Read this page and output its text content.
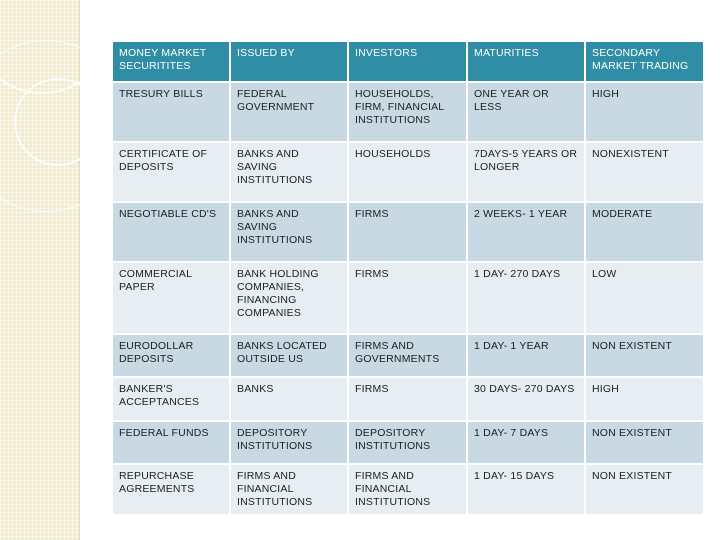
MONEY MARKET SECURITITES	ISSUED BY	INVESTORS	MATURITIES	SECONDARY MARKET TRADING
TRESURY BILLS	FEDERAL GOVERNMENT	HOUSEHOLDS, FIRM, FINANCIAL INSTITUTIONS	ONE YEAR OR LESS	HIGH
CERTIFICATE OF DEPOSITS	BANKS AND SAVING INSTITUTIONS	HOUSEHOLDS	7DAYS-5 YEARS OR LONGER	NONEXISTENT
NEGOTIABLE CD'S	BANKS AND SAVING INSTITUTIONS	FIRMS	2 WEEKS- 1 YEAR	MODERATE
COMMERCIAL PAPER	BANK HOLDING COMPANIES, FINANCING COMPANIES	FIRMS	1 DAY- 270 DAYS	LOW
EURODOLLAR DEPOSITS	BANKS LOCATED OUTSIDE US	FIRMS AND GOVERNMENTS	1 DAY- 1 YEAR	NON EXISTENT
BANKER'S ACCEPTANCES	BANKS	FIRMS	30 DAYS- 270 DAYS	HIGH
FEDERAL FUNDS	DEPOSITORY INSTITUTIONS	DEPOSITORY INSTITUTIONS	1 DAY- 7 DAYS	NON EXISTENT
REPURCHASE AGREEMENTS	FIRMS AND FINANCIAL INSTITUTIONS	FIRMS AND FINANCIAL INSTITUTIONS	1 DAY- 15 DAYS	NON EXISTENT
